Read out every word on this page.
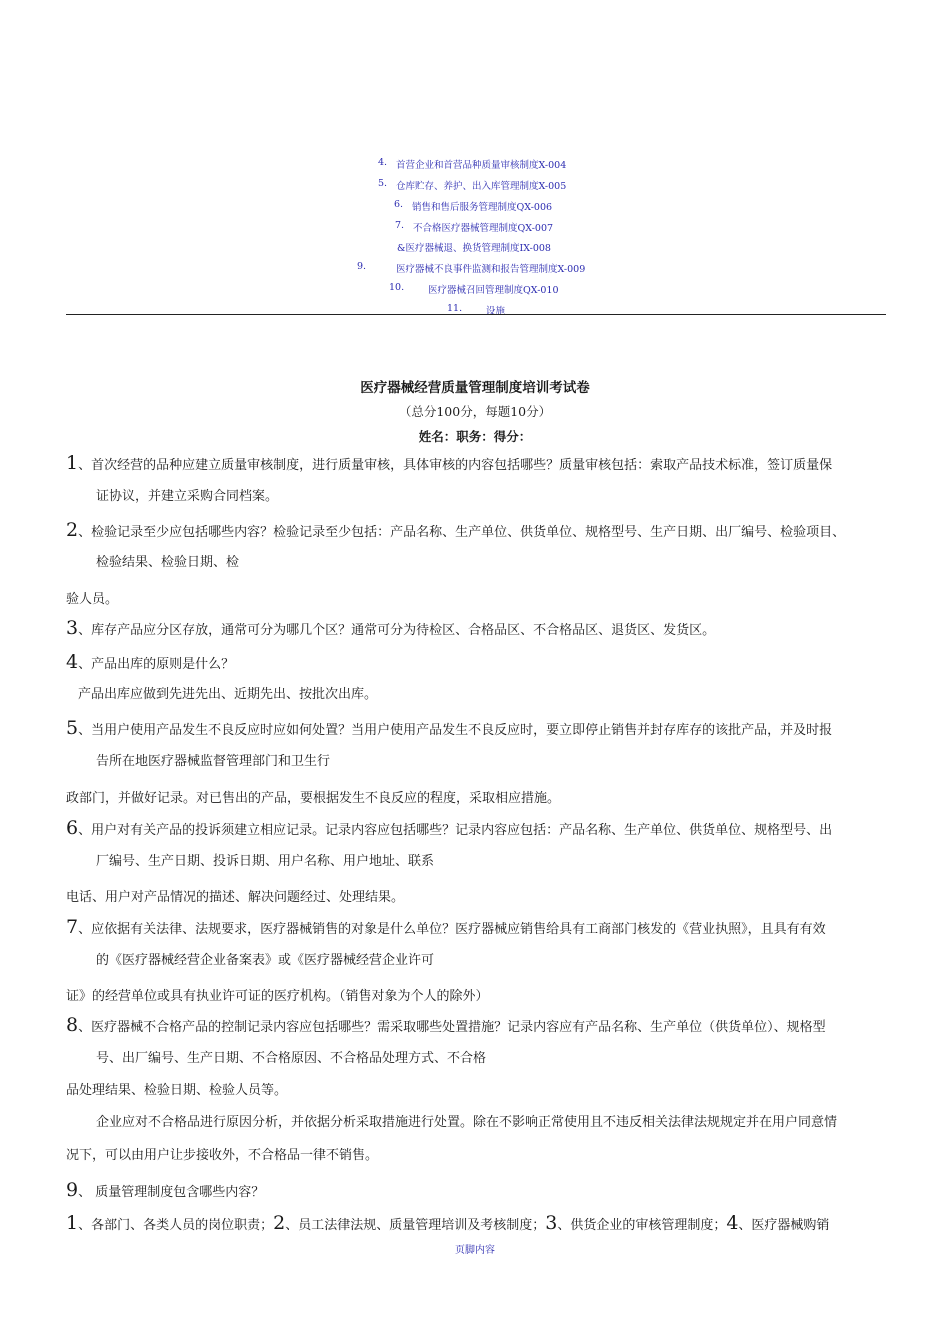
4. 首营企业和首营品种质量审核制度X-004
5. 仓库贮存、养护、出入库管理制度X-005
6. 销售和售后服务管理制度QX-006
7. 不合格医疗器械管理制度QX-007
&医疗器械退、换货管理制度IX-008
9.	医疗器械不良事件监测和报告管理制度X-009
10.	医疗器械召回管理制度QX-010
11.	设施
医疗器械经营质量管理制度培训考试卷
（总分100分，每题10分）
姓名：职务：得分：
1、首次经营的品种应建立质量审核制度，进行质量审核，具体审核的内容包括哪些？质量审核包括：索取产品技术标准，签订质量保
证协议，并建立采购合同档案。
2、检验记录至少应包括哪些内容？检验记录至少包括：产品名称、生产单位、供货单位、规格型号、生产日期、出厂编号、检验项目、
检验结果、检验日期、检
验人员。
3、库存产品应分区存放，通常可分为哪几个区？通常可分为待检区、合格品区、不合格品区、退货区、发货区。
4、产品出库的原则是什么？
产品出库应做到先进先出、近期先出、按批次出库。
5、当用户使用产品发生不良反应时应如何处置？当用户使用产品发生不良反应时，要立即停止销售并封存库存的该批产品，并及时报
告所在地医疗器械监督管理部门和卫生行
政部门，并做好记录。对已售出的产品，要根据发生不良反应的程度，采取相应措施。
6、用户对有关产品的投诉须建立相应记录。记录内容应包括哪些？记录内容应包括：产品名称、生产单位、供货单位、规格型号、出
厂编号、生产日期、投诉日期、用户名称、用户地址、联系
电话、用户对产品情况的描述、解决问题经过、处理结果。
7、应依据有关法律、法规要求，医疗器械销售的对象是什么单位？医疗器械应销售给具有工商部门核发的《营业执照》，且具有有效
的《医疗器械经营企业备案表》或《医疗器械经营企业许可
证》的经营单位或具有执业许可证的医疗机构。（销售对象为个人的除外）
8、医疗器械不合格产品的控制记录内容应包括哪些？需采取哪些处置措施？记录内容应有产品名称、生产单位（供货单位）、规格型
号、出厂编号、生产日期、不合格原因、不合格品处理方式、不合格
品处理结果、检验日期、检验人员等。
企业应对不合格品进行原因分析，并依据分析采取措施进行处置。除在不影响正常使用且不违反相关法律法规规定并在用户同意情
况下，可以由用户让步接收外，不合格品一律不销售。
9、 质量管理制度包含哪些内容？
1、各部门、各类人员的岗位职责；2、员工法律法规、质量管理培训及考核制度；3、供货企业的审核管理制度；4、医疗器械购销
页脚内容
